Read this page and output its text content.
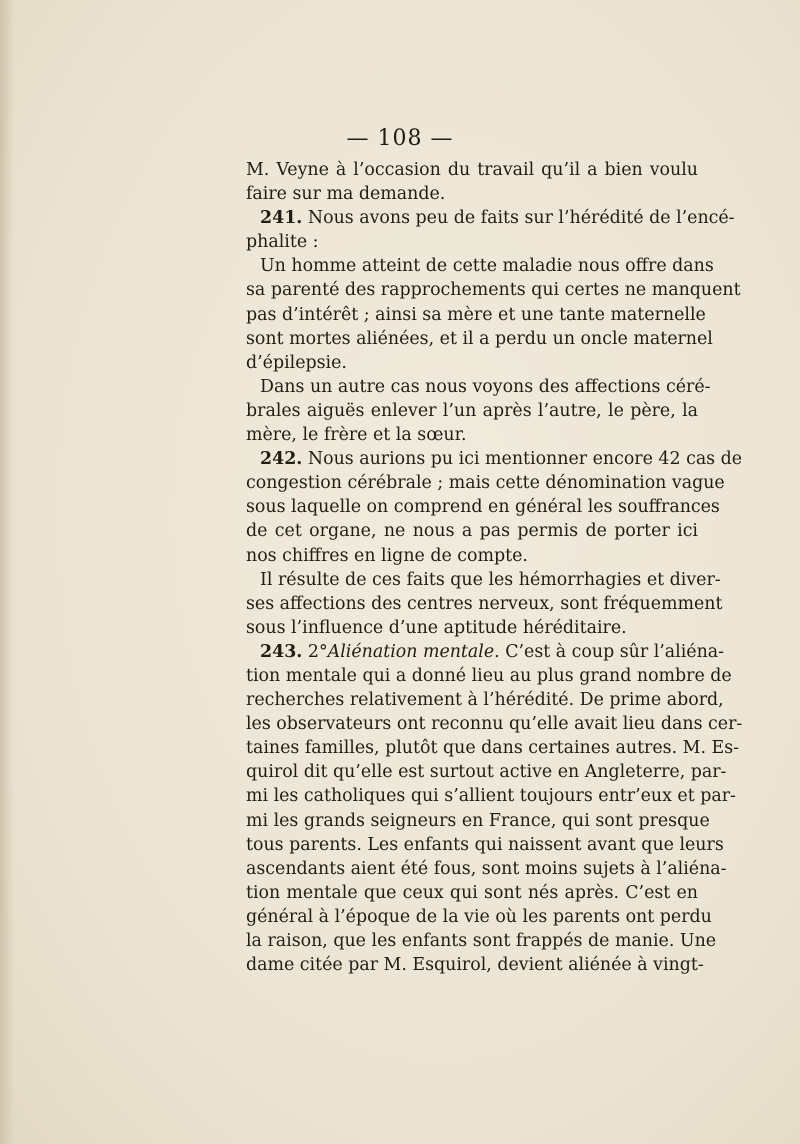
— 108 —
M. Veyne à l’occasion du travail qu’il a bien voulu
faire sur ma demande.
241. Nous avons peu de faits sur l’hérédité de l’encé-
phalite :
Un homme atteint de cette maladie nous offre dans
sa parenté des rapprochements qui certes ne manquent
pas d’intérêt ; ainsi sa mère et une tante maternelle
sont mortes aliénées, et il a perdu un oncle maternel
d’épilepsie.
Dans un autre cas nous voyons des affections céré-
brales aiguës enlever l’un après l’autre, le père, la
mère, le frère et la sœur.
242. Nous aurions pu ici mentionner encore 42 cas de
congestion cérébrale ; mais cette dénomination vague
sous laquelle on comprend en général les souffrances
de cet organe, ne nous a pas permis de porter ici
nos chiffres en ligne de compte.
Il résulte de ces faits que les hémorrhagies et diver-
ses affections des centres nerveux, sont fréquemment
sous l’influence d’une aptitude héréditaire.
243. 2°Aliénation mentale. C’est à coup sûr l’aliéna-
tion mentale qui a donné lieu au plus grand nombre de
recherches relativement à l’hérédité. De prime abord,
les observateurs ont reconnu qu’elle avait lieu dans cer-
taines familles, plutôt que dans certaines autres. M. Es-
quirol dit qu’elle est surtout active en Angleterre, par-
mi les catholiques qui s’allient toujours entr’eux et par-
mi les grands seigneurs en France, qui sont presque
tous parents. Les enfants qui naissent avant que leurs
ascendants aient été fous, sont moins sujets à l’aliéna-
tion mentale que ceux qui sont nés après. C’est en
général à l’époque de la vie où les parents ont perdu
la raison, que les enfants sont frappés de manie. Une
dame citée par M. Esquirol, devient aliénée à vingt-
